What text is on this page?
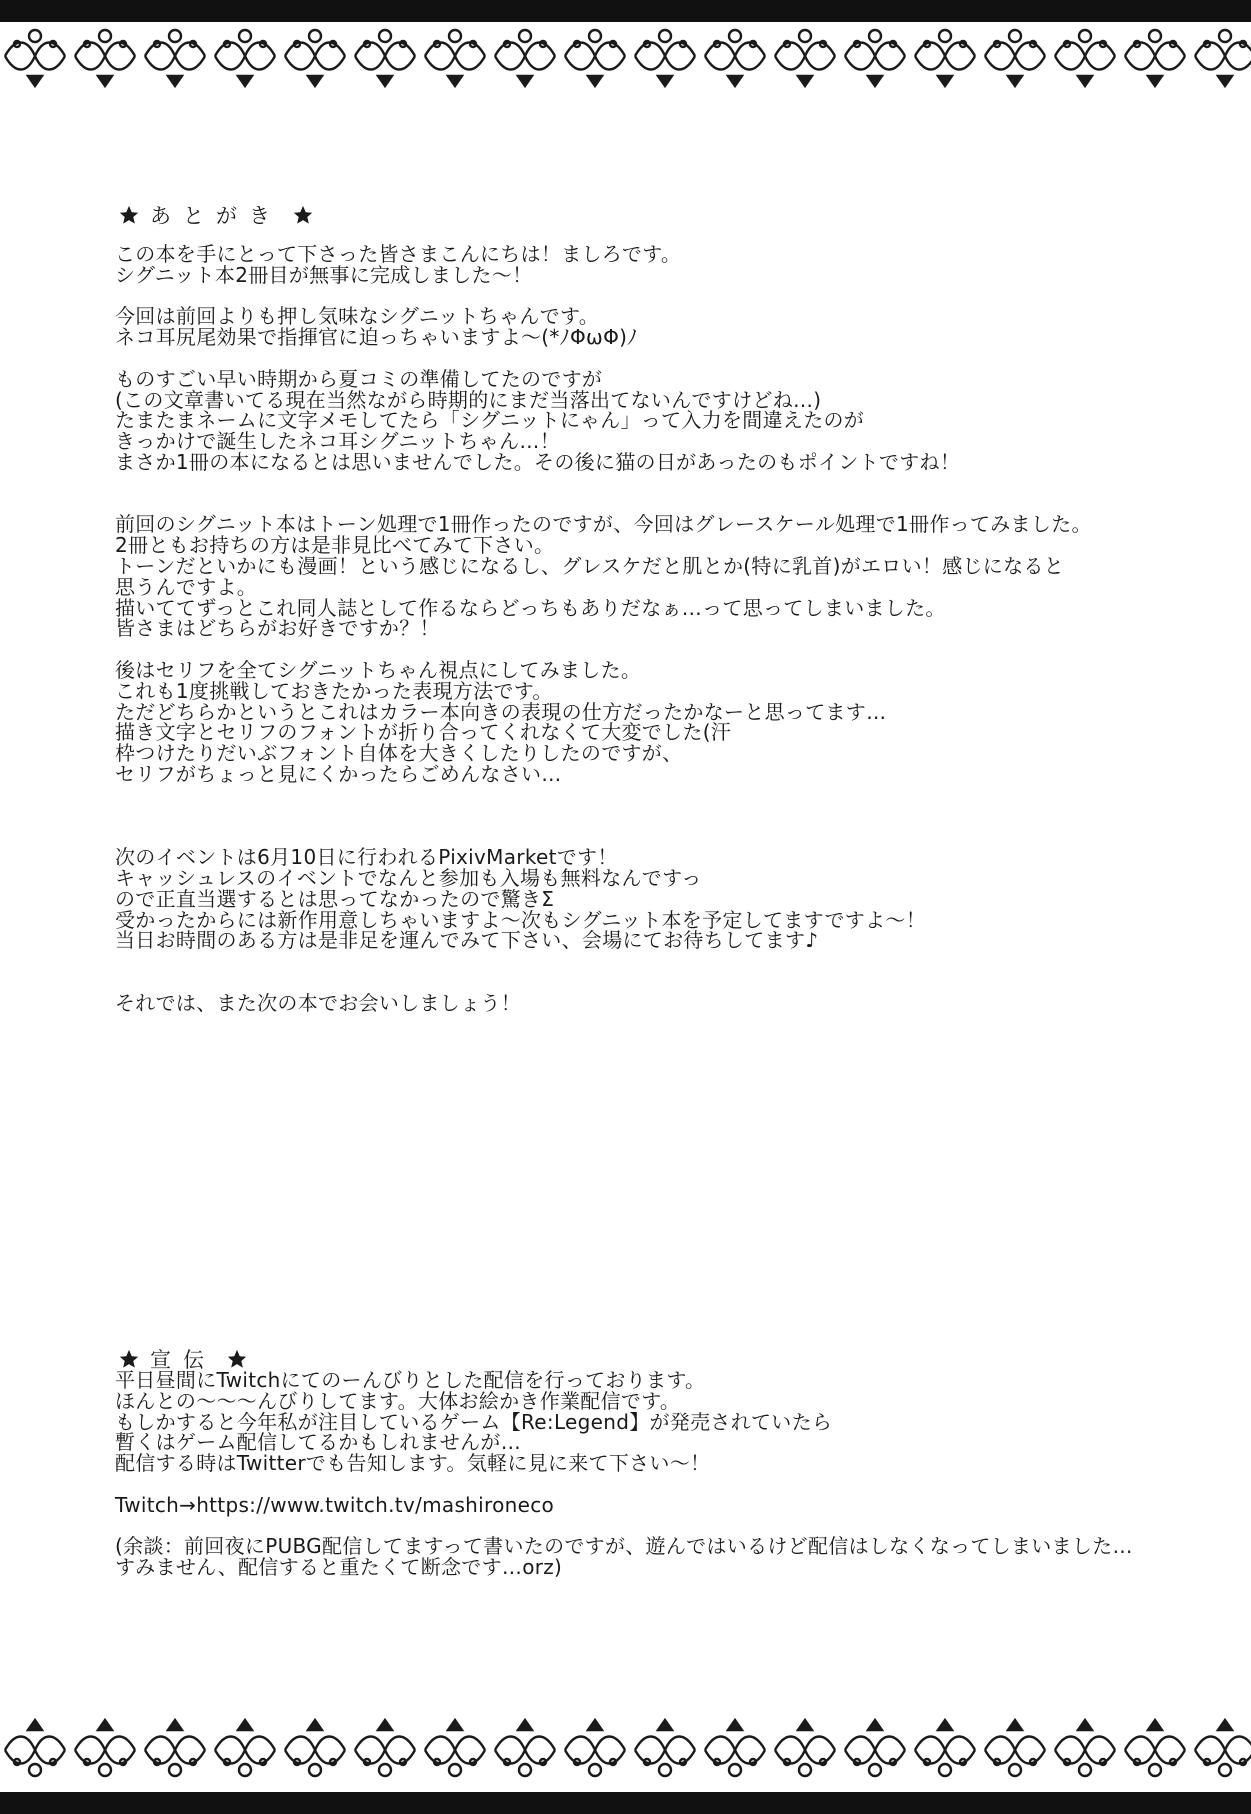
あとがき
この本を手にとって下さった皆さまこんにちは！ましろです。
シグニット本2冊目が無事に完成しました〜！
今回は前回よりも押し気味なシグニットちゃんです。
ネコ耳尻尾効果で指揮官に迫っちゃいますよ〜(*ﾉΦωΦ)ﾉ
ものすごい早い時期から夏コミの準備してたのですが
(この文章書いてる現在当然ながら時期的にまだ当落出てないんですけどね…)
たまたまネームに文字メモしてたら「シグニットにゃん」って入力を間違えたのが
きっかけで誕生したネコ耳シグニットちゃん…！
まさか1冊の本になるとは思いませんでした。その後に猫の日があったのもポイントですね！
前回のシグニット本はトーン処理で1冊作ったのですが、今回はグレースケール処理で1冊作ってみました。
2冊ともお持ちの方は是非見比べてみて下さい。
トーンだといかにも漫画！という感じになるし、グレスケだと肌とか(特に乳首)がエロい！感じになると
思うんですよ。
描いててずっとこれ同人誌として作るならどっちもありだなぁ…って思ってしまいました。
皆さまはどちらがお好きですか？！
後はセリフを全てシグニットちゃん視点にしてみました。
これも1度挑戦しておきたかった表現方法です。
ただどちらかというとこれはカラー本向きの表現の仕方だったかなーと思ってます…
描き文字とセリフのフォントが折り合ってくれなくて大変でした(汗
枠つけたりだいぶフォント自体を大きくしたりしたのですが、
セリフがちょっと見にくかったらごめんなさい…
次のイベントは6月10日に行われるPixivMarketです！
キャッシュレスのイベントでなんと参加も入場も無料なんですっ
ので正直当選するとは思ってなかったので驚きΣ
受かったからには新作用意しちゃいますよ〜次もシグニット本を予定してますですよ〜！
当日お時間のある方は是非足を運んでみて下さい、会場にてお待ちしてます♪
それでは、また次の本でお会いしましょう！
宣伝
平日昼間にTwitchにてのーんびりとした配信を行っております。
ほんとの〜〜〜んびりしてます。大体お絵かき作業配信です。
もしかすると今年私が注目しているゲーム【Re:Legend】が発売されていたら
暫くはゲーム配信してるかもしれませんが…
配信する時はTwitterでも告知します。気軽に見に来て下さい〜！
Twitch→https://www.twitch.tv/mashironeco
(余談：前回夜にPUBG配信してますって書いたのですが、遊んではいるけど配信はしなくなってしまいました…
すみません、配信すると重たくて断念です…orz)
